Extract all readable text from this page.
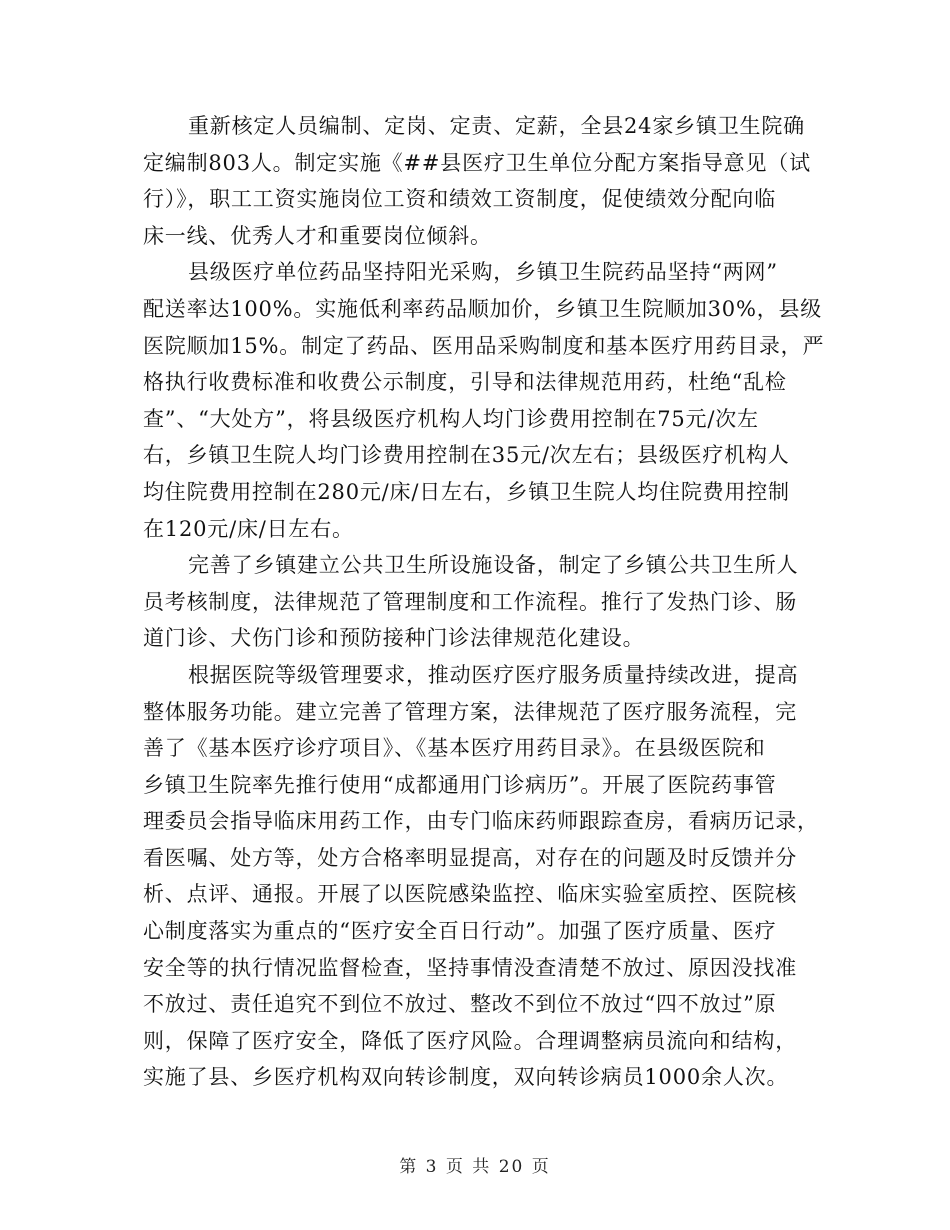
重新核定人员编制、定岗、定责、定薪，全县24家乡镇卫生院确
定编制803人。制定实施《##县医疗卫生单位分配方案指导意见（试
行）》，职工工资实施岗位工资和绩效工资制度，促使绩效分配向临
床一线、优秀人才和重要岗位倾斜。
县级医疗单位药品坚持阳光采购，乡镇卫生院药品坚持“两网”
配送率达100%。实施低利率药品顺加价，乡镇卫生院顺加30%，县级
医院顺加15%。制定了药品、医用品采购制度和基本医疗用药目录，严
格执行收费标准和收费公示制度，引导和法律规范用药，杜绝“乱检
查”、“大处方”，将县级医疗机构人均门诊费用控制在75元/次左
右，乡镇卫生院人均门诊费用控制在35元/次左右；县级医疗机构人
均住院费用控制在280元/床/日左右，乡镇卫生院人均住院费用控制
在120元/床/日左右。
完善了乡镇建立公共卫生所设施设备，制定了乡镇公共卫生所人
员考核制度，法律规范了管理制度和工作流程。推行了发热门诊、肠
道门诊、犬伤门诊和预防接种门诊法律规范化建设。
根据医院等级管理要求，推动医疗医疗服务质量持续改进，提高
整体服务功能。建立完善了管理方案，法律规范了医疗服务流程，完
善了《基本医疗诊疗项目》、《基本医疗用药目录》。在县级医院和
乡镇卫生院率先推行使用“成都通用门诊病历”。开展了医院药事管
理委员会指导临床用药工作，由专门临床药师跟踪查房，看病历记录，
看医嘱、处方等，处方合格率明显提高，对存在的问题及时反馈并分
析、点评、通报。开展了以医院感染监控、临床实验室质控、医院核
心制度落实为重点的“医疗安全百日行动”。加强了医疗质量、医疗
安全等的执行情况监督检查，坚持事情没查清楚不放过、原因没找准
不放过、责任追究不到位不放过、整改不到位不放过“四不放过”原
则，保障了医疗安全，降低了医疗风险。合理调整病员流向和结构，
实施了县、乡医疗机构双向转诊制度，双向转诊病员1000余人次。
第 3 页 共 20 页
